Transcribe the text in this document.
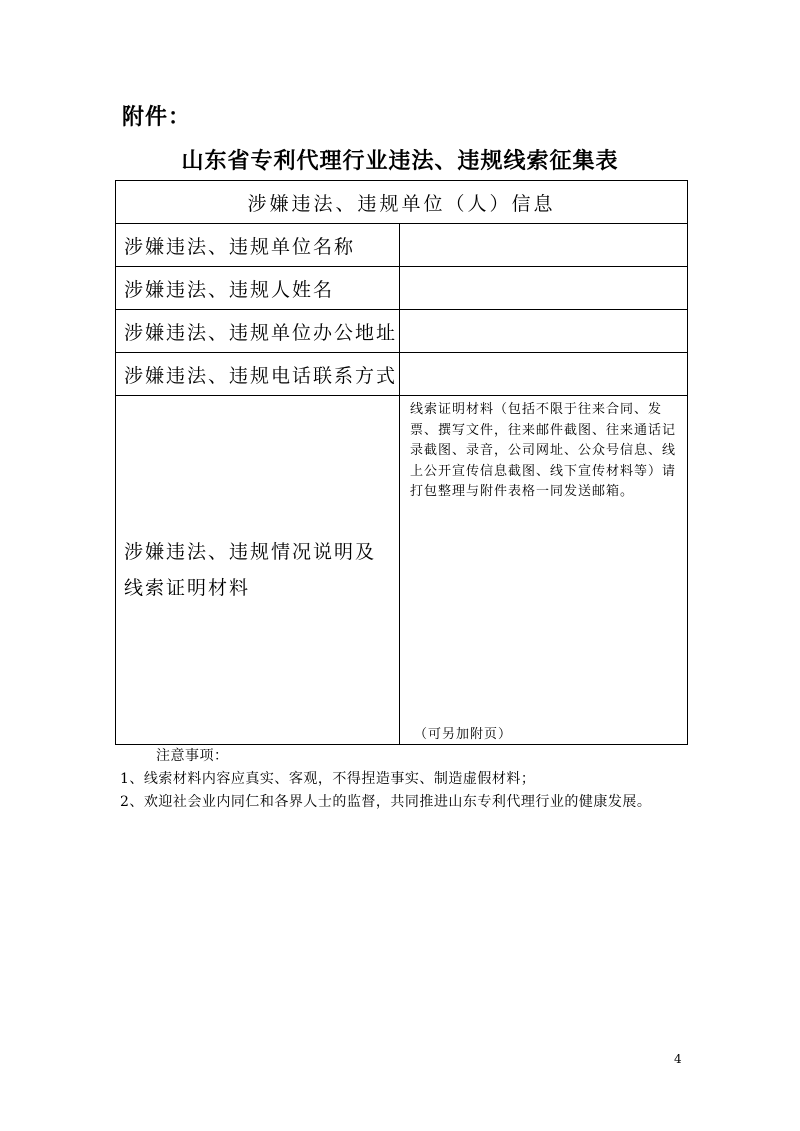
附件：
山东省专利代理行业违法、违规线索征集表
涉嫌违法、违规单位（人）信息	
涉嫌违法、违规单位名称	
涉嫌违法、违规人姓名	
涉嫌违法、违规单位办公地址	
涉嫌违法、违规电话联系方式	
涉嫌违法、违规情况说明及线索证明材料	线索证明材料（包括不限于往来合同、发票、撰写文件，往来邮件截图、往来通话记录截图、录音，公司网址、公众号信息、线上公开宣传信息截图、线下宣传材料等）请打包整理与附件表格一同发送邮箱。
（可另加附页）
注意事项：
1、线索材料内容应真实、客观，不得捏造事实、制造虚假材料；
2、欢迎社会业内同仁和各界人士的监督，共同推进山东专利代理行业的健康发展。
4
